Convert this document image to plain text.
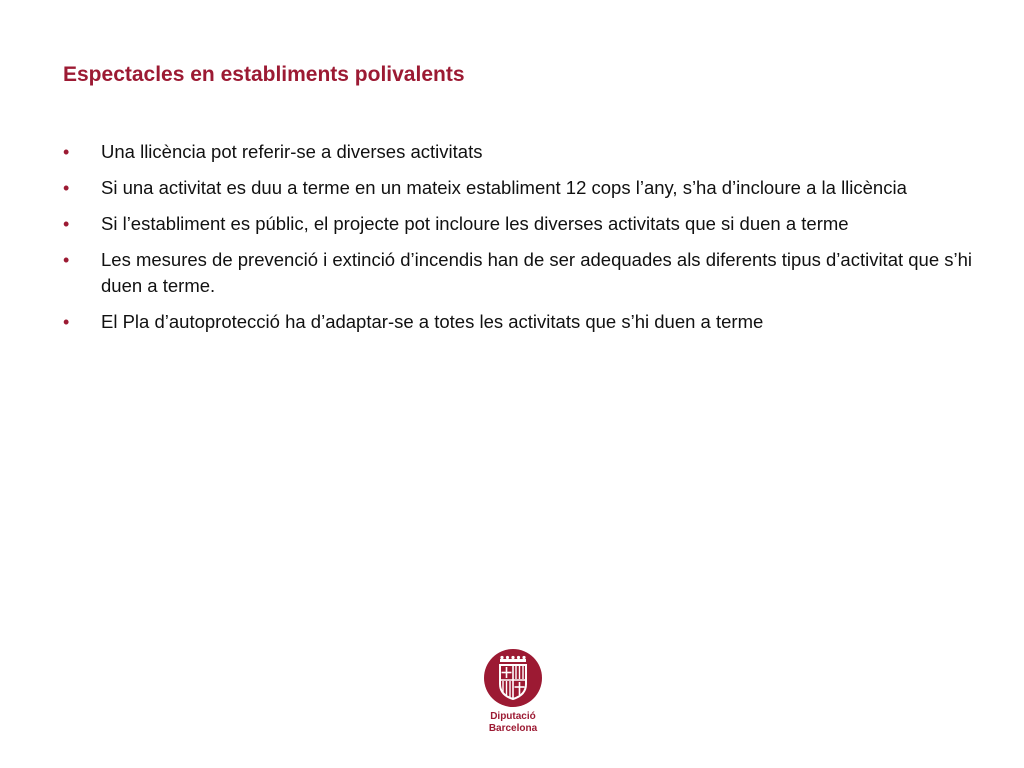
Espectacles en establiments polivalents
•	Una llicència pot referir-se a diverses activitats
•	Si una activitat es duu a terme en un mateix establiment 12 cops l’any, s’ha d’incloure a la llicència
•	Si l’establiment es públic, el projecte pot incloure les diverses activitats que si duen a terme
•	Les mesures de prevenció i extinció d’incendis han de ser adequades als diferents tipus d’activitat que s’hi duen a terme.
•	El Pla d’autoprotecció ha d’adaptar-se a totes les activitats que s’hi duen a terme
Diputació
Barcelona
